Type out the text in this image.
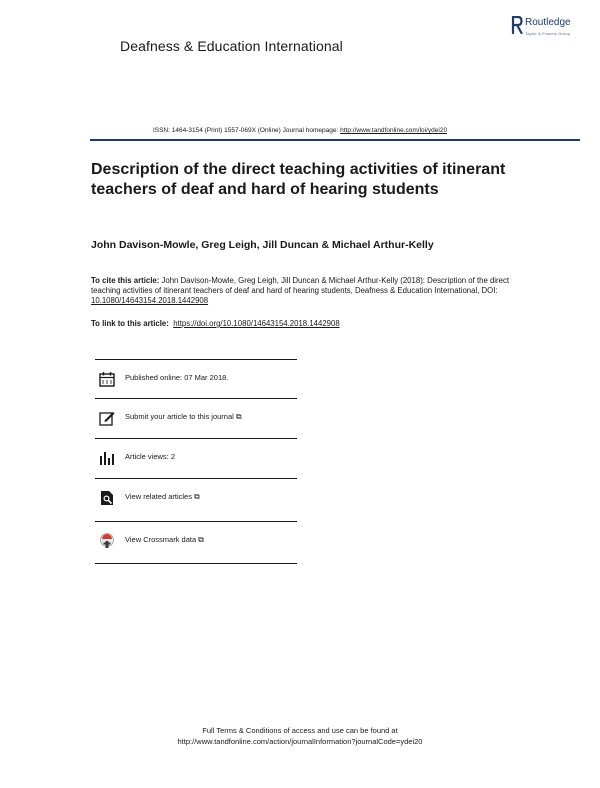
Deafness & Education International
Routledge
Taylor & Francis Group
ISSN: 1464-3154 (Print) 1557-069X (Online) Journal homepage: http://www.tandfonline.com/loi/ydei20
Description of the direct teaching activities of itinerant teachers of deaf and hard of hearing students
John Davison-Mowle, Greg Leigh, Jill Duncan & Michael Arthur-Kelly
To cite this article: John Davison-Mowle, Greg Leigh, Jill Duncan & Michael Arthur-Kelly (2018): Description of the direct teaching activities of itinerant teachers of deaf and hard of hearing students, Deafness & Education International, DOI: 10.1080/14643154.2018.1442908
To link to this article: https://doi.org/10.1080/14643154.2018.1442908
Published online: 07 Mar 2018.
Submit your article to this journal ⧉
Article views: 2
View related articles ⧉
View Crossmark data ⧉
Full Terms & Conditions of access and use can be found at
http://www.tandfonline.com/action/journalInformation?journalCode=ydei20
